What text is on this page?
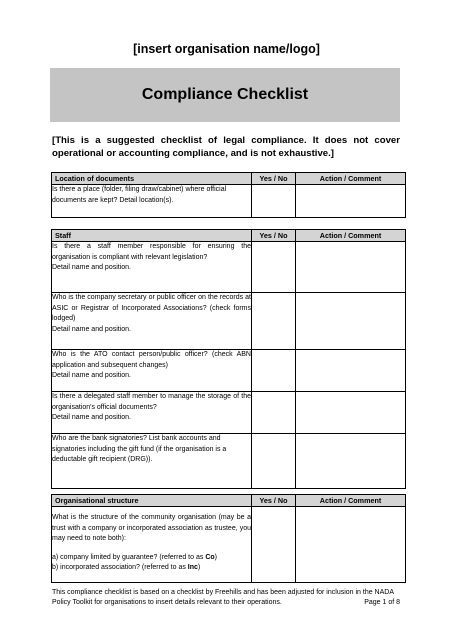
[insert organisation name/logo]
Compliance Checklist
[This is a suggested checklist of legal compliance. It does not cover operational or accounting compliance, and is not exhaustive.]
Location of documents	Yes / No	Action / Comment

Is there a place (folder, filing draw/cabinet) where official documents are kept? Detail location(s).		

Staff	Yes / No	Action / Comment

Is there a staff member responsible for ensuring the organisation is compliant with relevant legislation?
Detail name and position.		

Who is the company secretary or public officer on the records at ASIC or Registrar of Incorporated Associations? (check forms lodged)
Detail name and position.		

Who is the ATO contact person/public officer? (check ABN application and subsequent changes)
Detail name and position.		

Is there a delegated staff member to manage the storage of the organisation's official documents?
Detail name and position.		

Who are the bank signatories? List bank accounts and signatories including the gift fund (if the organisation is a deductable gift recipient (DRG)).		

Organisational structure	Yes / No	Action / Comment

What is the structure of the community organisation (may be a trust with a company or incorporated association as trustee, you may need to note both):
a) company limited by guarantee? (referred to as Co)
b) incorporated association? (referred to as Inc)		

This compliance checklist is based on a checklist by Freehills and has been adjusted for inclusion in the NADA Policy Toolkit for organisations to insert details relevant to their operations.	Page 1 of 8
